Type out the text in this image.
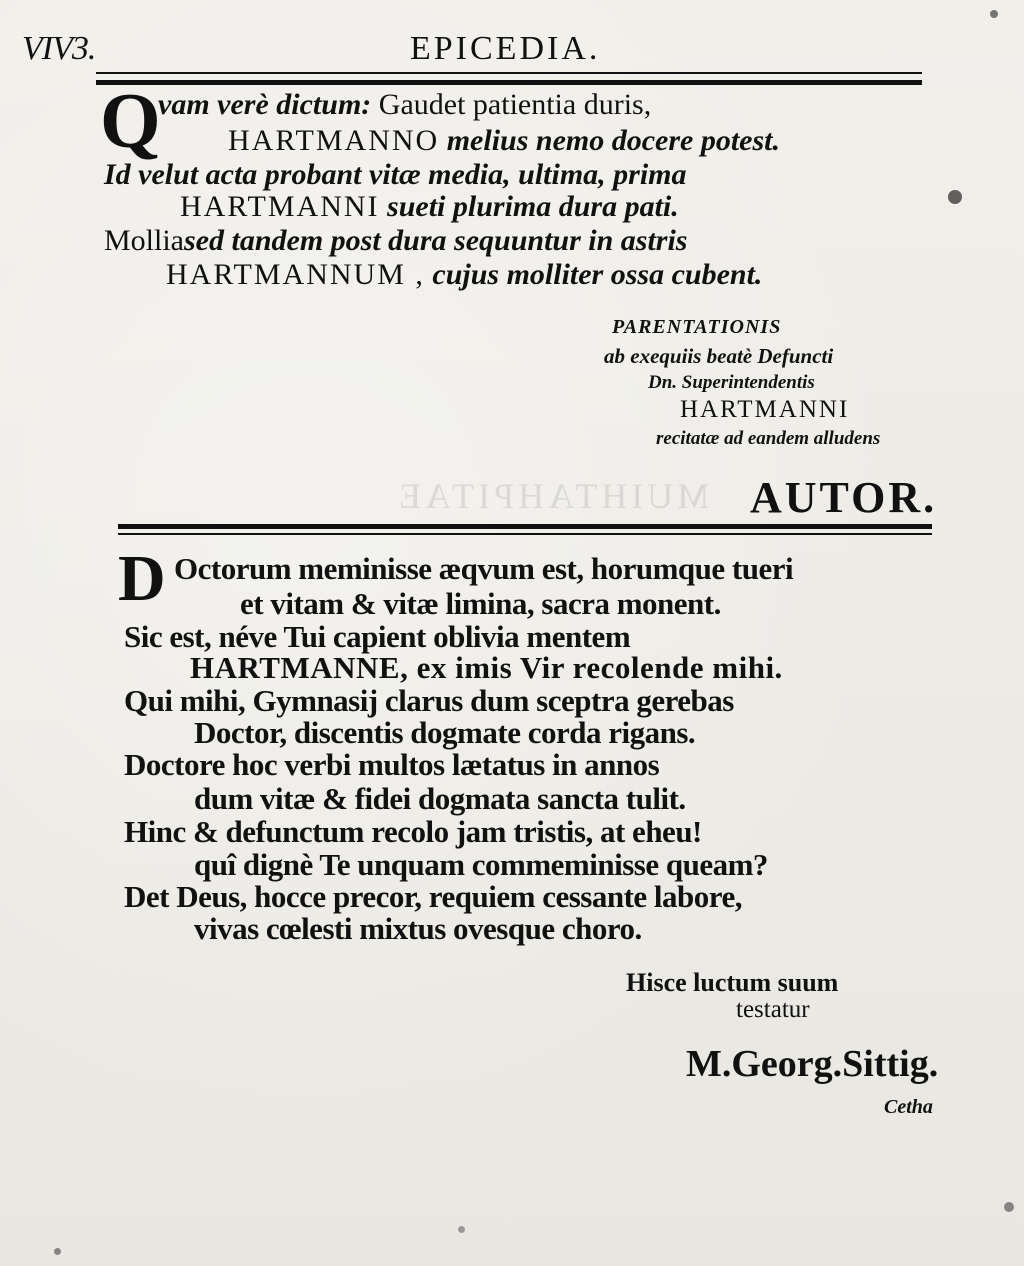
MUIHTAHPITAE
VIV3.	EPICEDIA.
Q
vam verè dictum: Gaudet patientia duris,
HARTMANNO melius nemo docere potest.
Id velut acta probant vitæ media, ultima, prima
HARTMANNI sueti plurima dura pati.
Molliased tandem post dura sequuntur in astris
HARTMANNUM , cujus molliter ossa cubent.
PARENTATIONIS
ab exequiis beatè Defuncti
Dn. Superintendentis
HARTMANNI
recitatæ ad eandem alludens
AUTOR.
D Octorum meminisse æqvum est, horumque tueri
et vitam & vitæ limina, sacra monent.
Sic est, néve Tui capient oblivia mentem
HARTMANNE, ex imis Vir recolende mihi.
Qui mihi, Gymnasij clarus dum sceptra gerebas
Doctor, discentis dogmate corda rigans.
Doctore hoc verbi multos lætatus in annos
dum vitæ & fidei dogmata sancta tulit.
Hinc & defunctum recolo jam tristis, at eheu!
quî dignè Te unquam commeminisse queam?
Det Deus, hocce precor, requiem cessante labore,
vivas cœlesti mixtus ovesque choro.
Hisce luctum suum
testatur
M.Georg.Sittig.
Cetha
